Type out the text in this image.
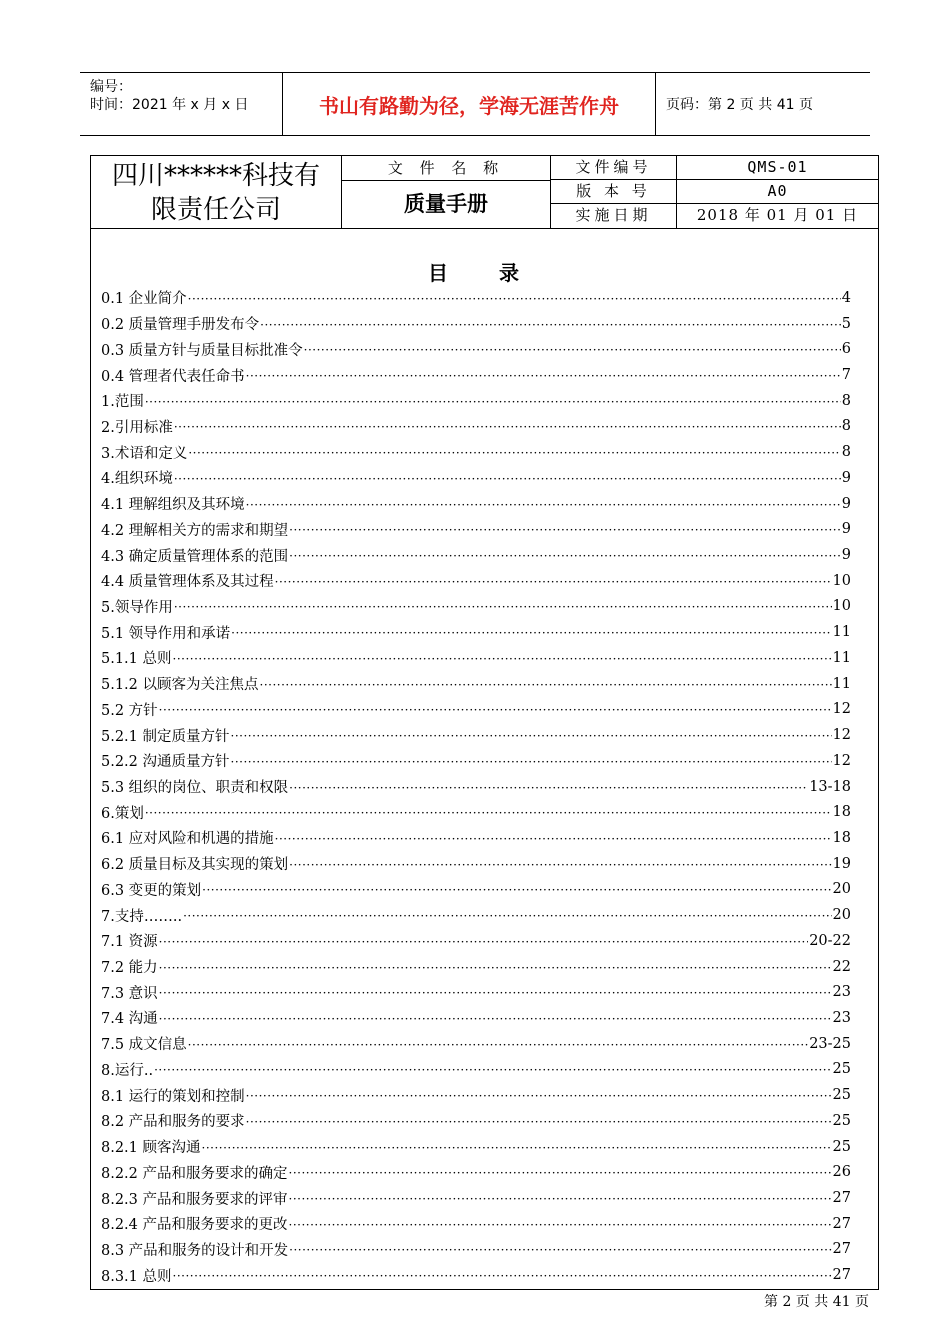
编号：
时间：2021 年 x 月 x 日	书山有路勤为径，学海无涯苦作舟	页码：第 2 页 共 41 页
四川******科技有
限责任公司
文 件 名 称
质量手册
文件编号	QMS-01
版 本 号	A0
实施日期	2018 年 01 月 01 日
目 录
0.1 企业简介 ·····	4
0.2 质量管理手册发布令 ·····	5
0.3 质量方针与质量目标批准令 ·····	6
0.4 管理者代表任命书 ·····	7
1.范围 ·····	8
2.引用标准 ·····	8
3.术语和定义 ·····	8
4.组织环境 ·····	9
4.1 理解组织及其环境 ·····	9
4.2 理解相关方的需求和期望 ·····	9
4.3 确定质量管理体系的范围 ·····	9
4.4 质量管理体系及其过程 ·····	10
5.领导作用 ·····	10
5.1 领导作用和承诺 ·····	11
5.1.1 总则 ·····	11
5.1.2 以顾客为关注焦点 ·····	11
5.2 方针 ·····	12
5.2.1 制定质量方针 ·····	12
5.2.2 沟通质量方针 ·····	12
5.3 组织的岗位、职责和权限 ·····	13-18
6.策划 ·····	18
6.1 应对风险和机遇的措施 ·····	18
6.2 质量目标及其实现的策划 ·····	19
6.3 变更的策划 ·····	20
7.支持…….. ·····	20
7.1 资源 ·····	20-22
7.2 能力 ·····	22
7.3 意识 ·····	23
7.4 沟通 ·····	23
7.5 成文信息 ·····	23-25
8.运行.. ·····	25
8.1 运行的策划和控制 ·····	25
8.2 产品和服务的要求 ·····	25
8.2.1 顾客沟通 ·····	25
8.2.2 产品和服务要求的确定 ·····	26
8.2.3 产品和服务要求的评审 ·····	27
8.2.4 产品和服务要求的更改 ·····	27
8.3 产品和服务的设计和开发 ·····	27
8.3.1 总则 ·····	27
第 2 页 共 41 页
